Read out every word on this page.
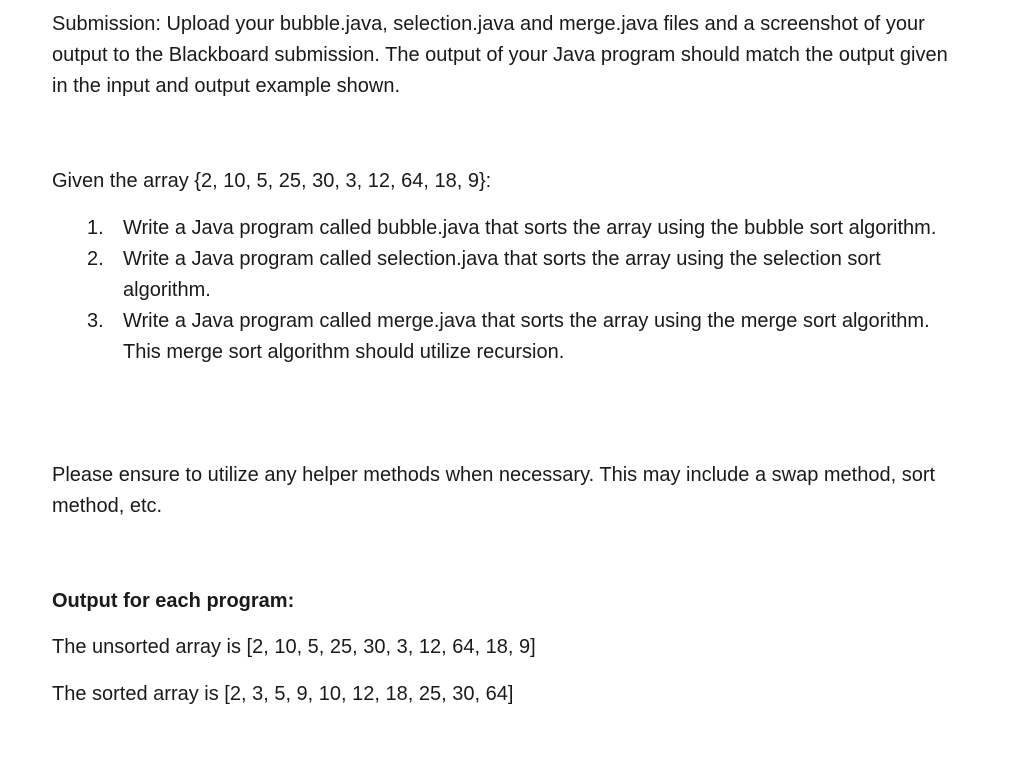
Submission: Upload your bubble.java, selection.java and merge.java files and a screenshot of your output to the Blackboard submission. The output of your Java program should match the output given in the input and output example shown.

Given the array {2, 10, 5, 25, 30, 3, 12, 64, 18, 9}:

1. Write a Java program called bubble.java that sorts the array using the bubble sort algorithm.
2. Write a Java program called selection.java that sorts the array using the selection sort algorithm.
3. Write a Java program called merge.java that sorts the array using the merge sort algorithm. This merge sort algorithm should utilize recursion.

Please ensure to utilize any helper methods when necessary. This may include a swap method, sort method, etc.

Output for each program:

The unsorted array is [2, 10, 5, 25, 30, 3, 12, 64, 18, 9]

The sorted array is [2, 3, 5, 9, 10, 12, 18, 25, 30, 64]
